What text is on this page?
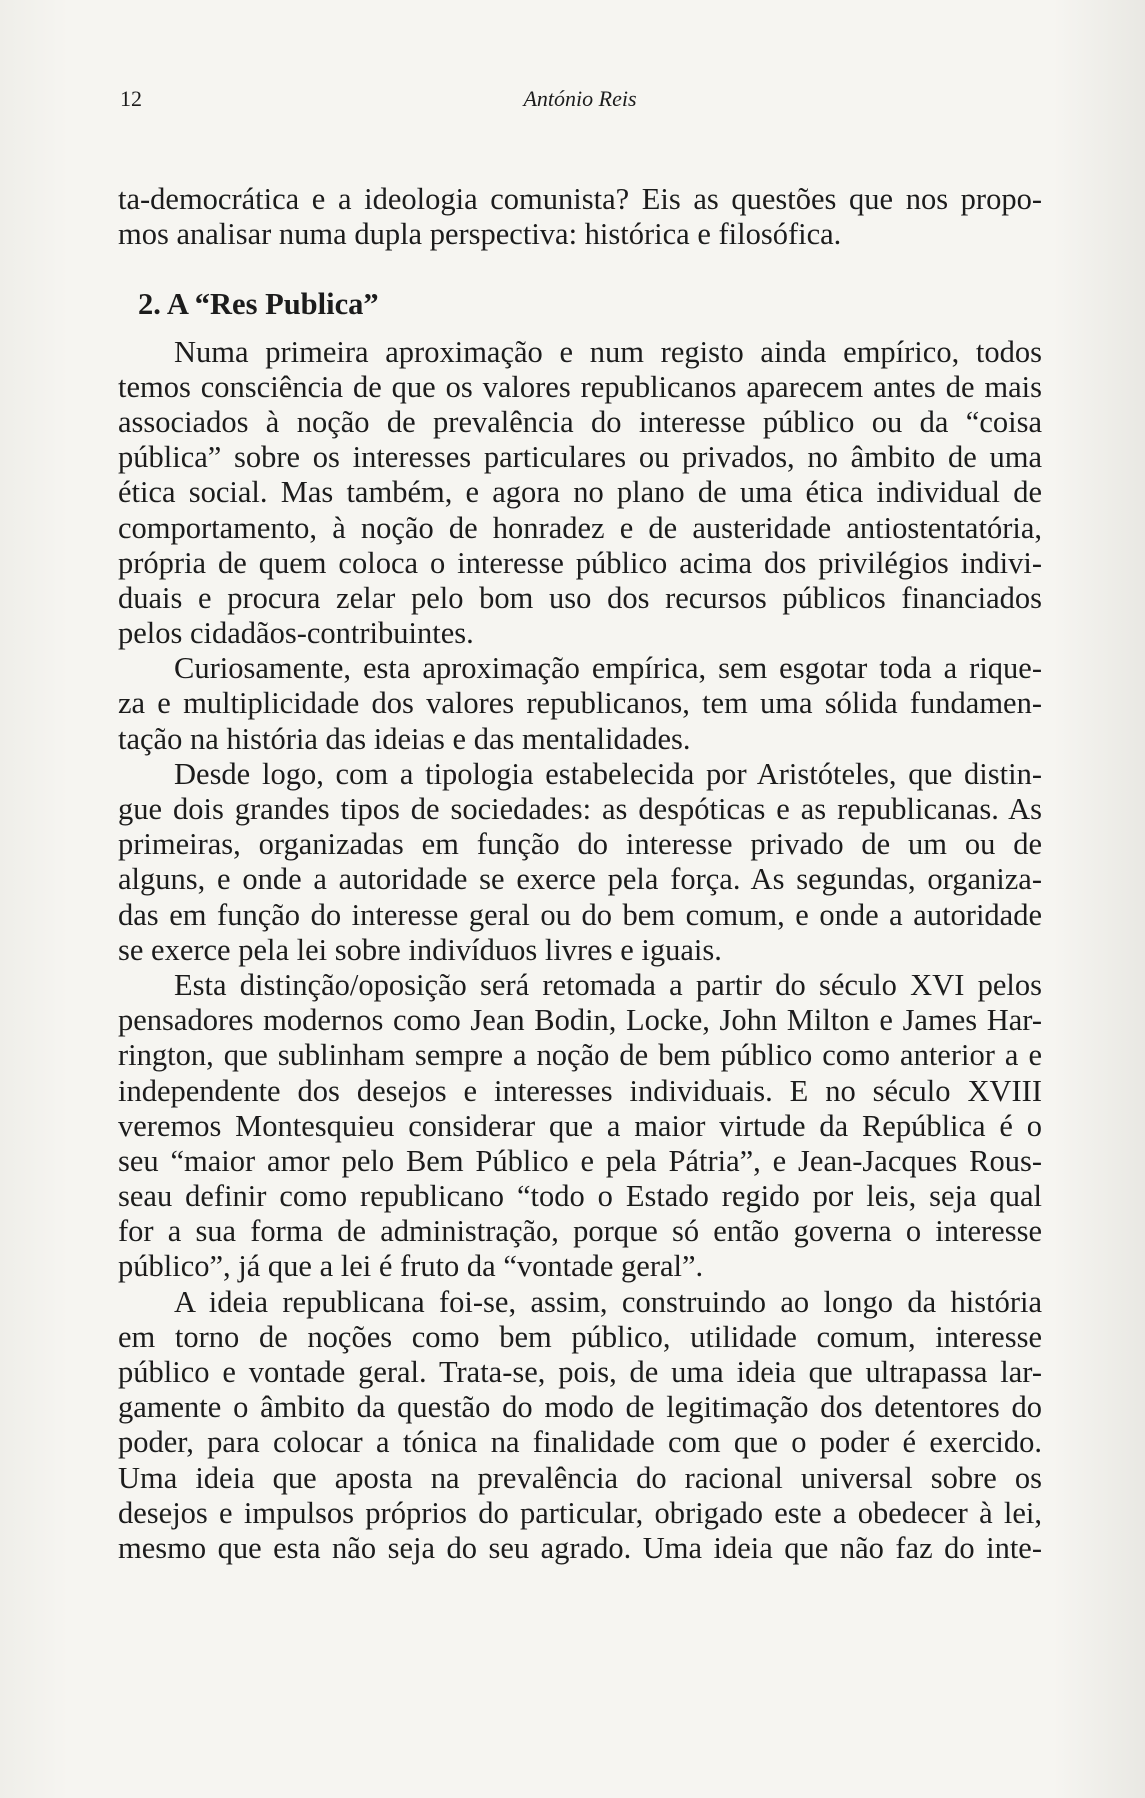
12	António Reis
ta-democrática e a ideologia comunista? Eis as questões que nos propo-
mos analisar numa dupla perspectiva: histórica e filosófica.
2. A “Res Publica”
Numa primeira aproximação e num registo ainda empírico, todos
temos consciência de que os valores republicanos aparecem antes de mais
associados à noção de prevalência do interesse público ou da “coisa
pública” sobre os interesses particulares ou privados, no âmbito de uma
ética social. Mas também, e agora no plano de uma ética individual de
comportamento, à noção de honradez e de austeridade antiostentatória,
própria de quem coloca o interesse público acima dos privilégios indivi-
duais e procura zelar pelo bom uso dos recursos públicos financiados
pelos cidadãos-contribuintes.
Curiosamente, esta aproximação empírica, sem esgotar toda a rique-
za e multiplicidade dos valores republicanos, tem uma sólida fundamen-
tação na história das ideias e das mentalidades.
Desde logo, com a tipologia estabelecida por Aristóteles, que distin-
gue dois grandes tipos de sociedades: as despóticas e as republicanas. As
primeiras, organizadas em função do interesse privado de um ou de
alguns, e onde a autoridade se exerce pela força. As segundas, organiza-
das em função do interesse geral ou do bem comum, e onde a autoridade
se exerce pela lei sobre indivíduos livres e iguais.
Esta distinção/oposição será retomada a partir do século XVI pelos
pensadores modernos como Jean Bodin, Locke, John Milton e James Har-
rington, que sublinham sempre a noção de bem público como anterior a e
independente dos desejos e interesses individuais. E no século XVIII
veremos Montesquieu considerar que a maior virtude da República é o
seu “maior amor pelo Bem Público e pela Pátria”, e Jean-Jacques Rous-
seau definir como republicano “todo o Estado regido por leis, seja qual
for a sua forma de administração, porque só então governa o interesse
público”, já que a lei é fruto da “vontade geral”.
A ideia republicana foi-se, assim, construindo ao longo da história
em torno de noções como bem público, utilidade comum, interesse
público e vontade geral. Trata-se, pois, de uma ideia que ultrapassa lar-
gamente o âmbito da questão do modo de legitimação dos detentores do
poder, para colocar a tónica na finalidade com que o poder é exercido.
Uma ideia que aposta na prevalência do racional universal sobre os
desejos e impulsos próprios do particular, obrigado este a obedecer à lei,
mesmo que esta não seja do seu agrado. Uma ideia que não faz do inte-
